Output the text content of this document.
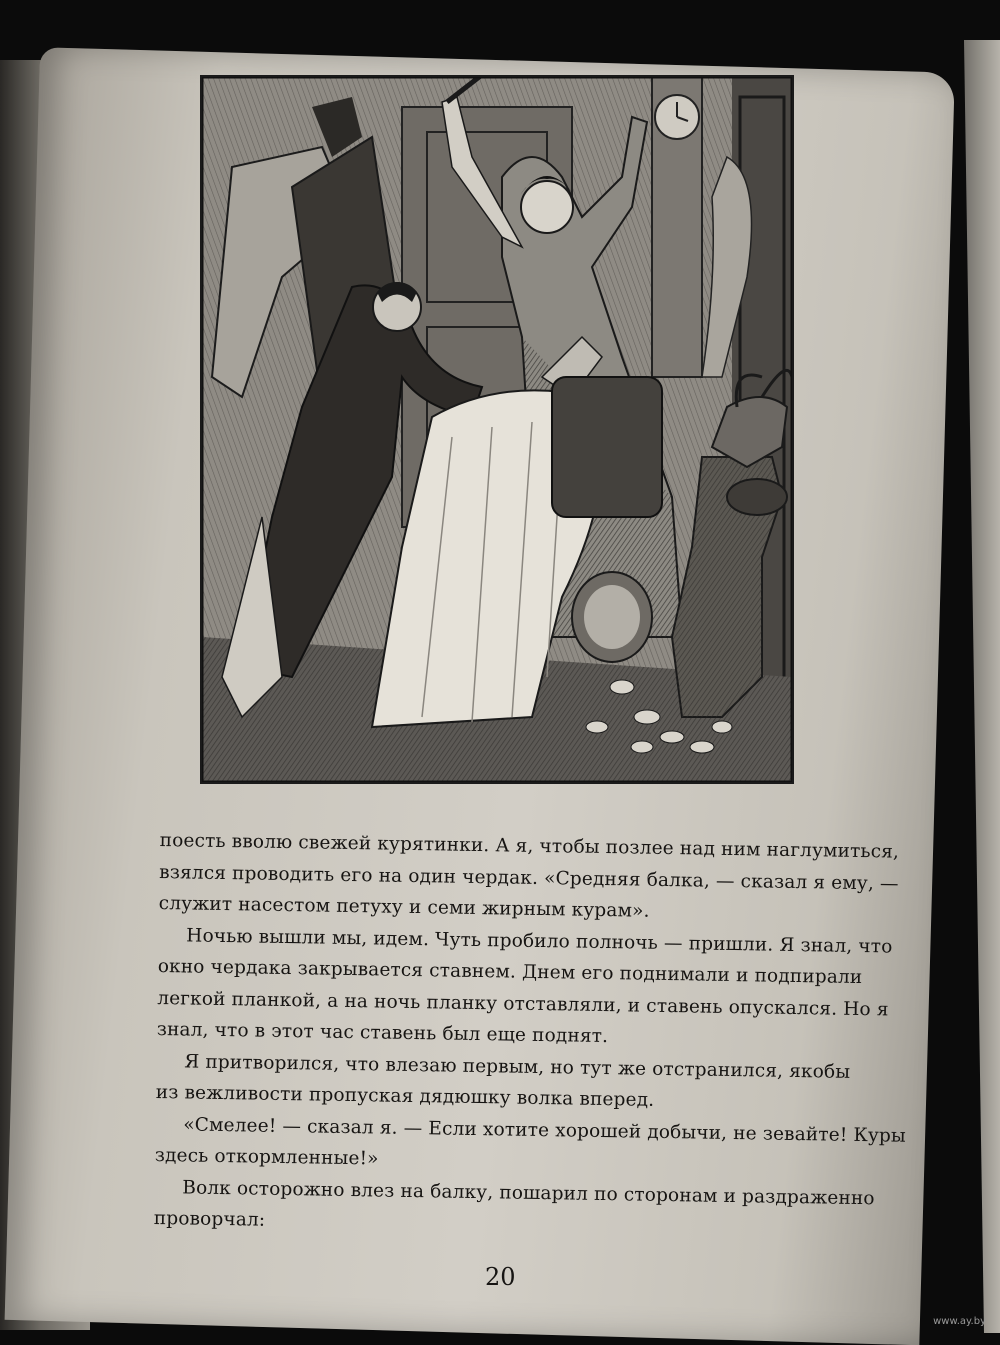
поесть вволю свежей курятинки. А я, чтобы позлее над ним наглумиться,

взялся проводить его на один чердак. «Средняя балка, — сказал я ему, —

служит насестом петуху и семи жирным курам».

Ночью вышли мы, идем. Чуть пробило полночь — пришли. Я знал, что

окно чердака закрывается ставнем. Днем его поднимали и подпирали

легкой планкой, а на ночь планку отставляли, и ставень опускался. Но я

знал, что в этот час ставень был еще поднят.

Я притворился, что влезаю первым, но тут же отстранился, якобы

из вежливости пропуская дядюшку волка вперед.

«Смелее! — сказал я. — Если хотите хорошей добычи, не зевайте! Куры

здесь откормленные!»

Волк осторожно влез на балку, пошарил по сторонам и раздраженно

проворчал:

20
www.ay.by
